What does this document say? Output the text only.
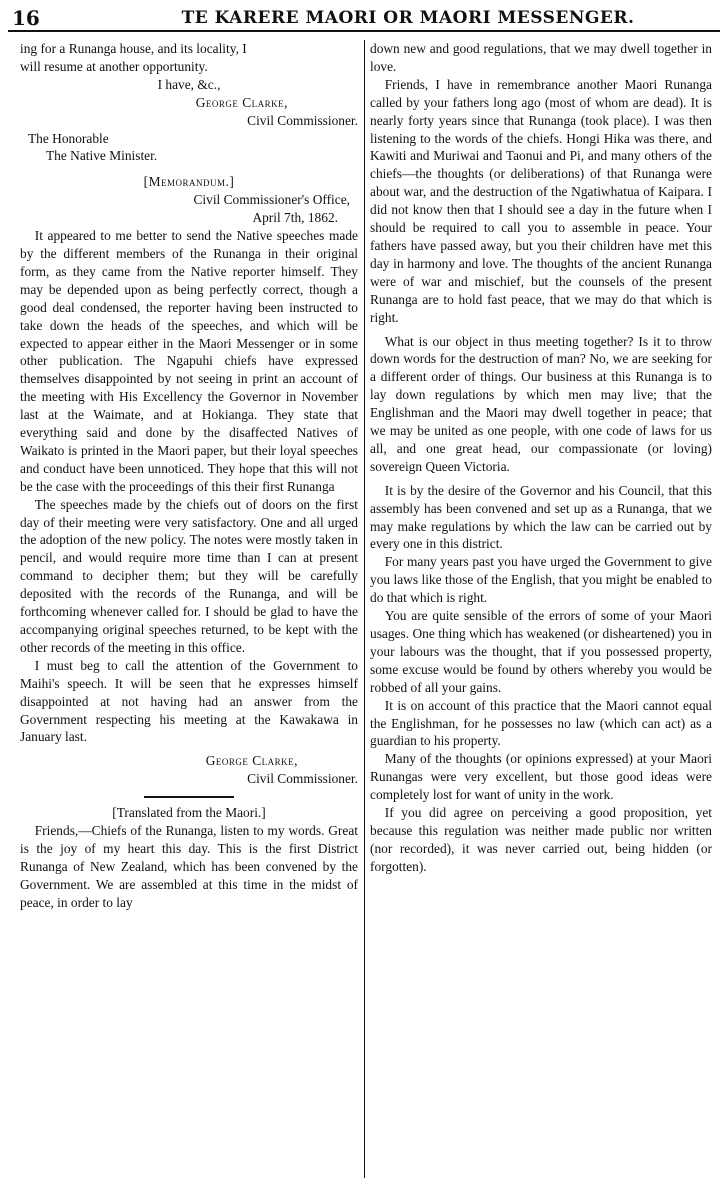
16	TE KARERE MAORI OR MAORI MESSENGER.

ing for a Runanga house, and its locality, I

will resume at another opportunity.

I have, &c.,

George Clarke,

Civil Commissioner.

The Honorable

The Native Minister.

[Memorandum.]

Civil Commissioner's Office,

April 7th, 1862.

It appeared to me better to send the Native speeches made by the different members of the Runanga in their original form, as they came from the Native reporter himself. They may be depended upon as being perfectly correct, though a good deal condensed, the reporter having been instructed to take down the heads of the speeches, and which will be expected to appear either in the Maori Messenger or in some other publication. The Ngapuhi chiefs have expressed themselves disappointed by not seeing in print an account of the meeting with His Excellency the Governor in November last at the Waimate, and at Hokianga. They state that everything said and done by the disaffected Natives of Waikato is printed in the Maori paper, but their loyal speeches and conduct have been unnoticed. They hope that this will not be the case with the proceedings of this their first Runanga

The speeches made by the chiefs out of doors on the first day of their meeting were very satisfactory. One and all urged the adoption of the new policy. The notes were mostly taken in pencil, and would require more time than I can at present command to decipher them; but they will be carefully deposited with the records of the Runanga, and will be forthcoming whenever called for. I should be glad to have the accompanying original speeches returned, to be kept with the other records of the meeting in this office.

I must beg to call the attention of the Government to Maihi's speech. It will be seen that he expresses himself disappointed at not having had an answer from the Government respecting his meeting at the Kawakawa in January last.

George Clarke,

Civil Commissioner.

[Translated from the Maori.]

Friends,—Chiefs of the Runanga, listen to my words. Great is the joy of my heart this day. This is the first District Runanga of New Zealand, which has been convened by the Government. We are assembled at this time in the midst of peace, in order to lay

down new and good regulations, that we may dwell together in love.

Friends, I have in remembrance another Maori Runanga called by your fathers long ago (most of whom are dead). It is nearly forty years since that Runanga (took place). I was then listening to the words of the chiefs. Hongi Hika was there, and Kawiti and Muriwai and Taonui and Pi, and many others of the chiefs—the thoughts (or deliberations) of that Runanga were about war, and the destruction of the Ngatiwhatua of Kaipara. I did not know then that I should see a day in the future when I should be required to call you to assemble in peace. Your fathers have passed away, but you their children have met this day in harmony and love. The thoughts of the ancient Runanga were of war and mischief, but the counsels of the present Runanga are to hold fast peace, that we may do that which is right.

What is our object in thus meeting together? Is it to throw down words for the destruction of man? No, we are seeking for a different order of things. Our business at this Runanga is to lay down regulations by which men may live; that the Englishman and the Maori may dwell together in peace; that we may be united as one people, with one code of laws for us all, and one great head, our compassionate (or loving) sovereign Queen Victoria.

It is by the desire of the Governor and his Council, that this assembly has been convened and set up as a Runanga, that we may make regulations by which the law can be carried out by every one in this district.

For many years past you have urged the Government to give you laws like those of the English, that you might be enabled to do that which is right.

You are quite sensible of the errors of some of your Maori usages. One thing which has weakened (or disheartened) you in your labours was the thought, that if you possessed property, some excuse would be found by others whereby you would be robbed of all your gains.

It is on account of this practice that the Maori cannot equal the Englishman, for he possesses no law (which can act) as a guardian to his property.

Many of the thoughts (or opinions expressed) at your Maori Runangas were very excellent, but those good ideas were completely lost for want of unity in the work.

If you did agree on perceiving a good proposition, yet because this regulation was neither made public nor written (nor recorded), it was never carried out, being hidden (or forgotten).
